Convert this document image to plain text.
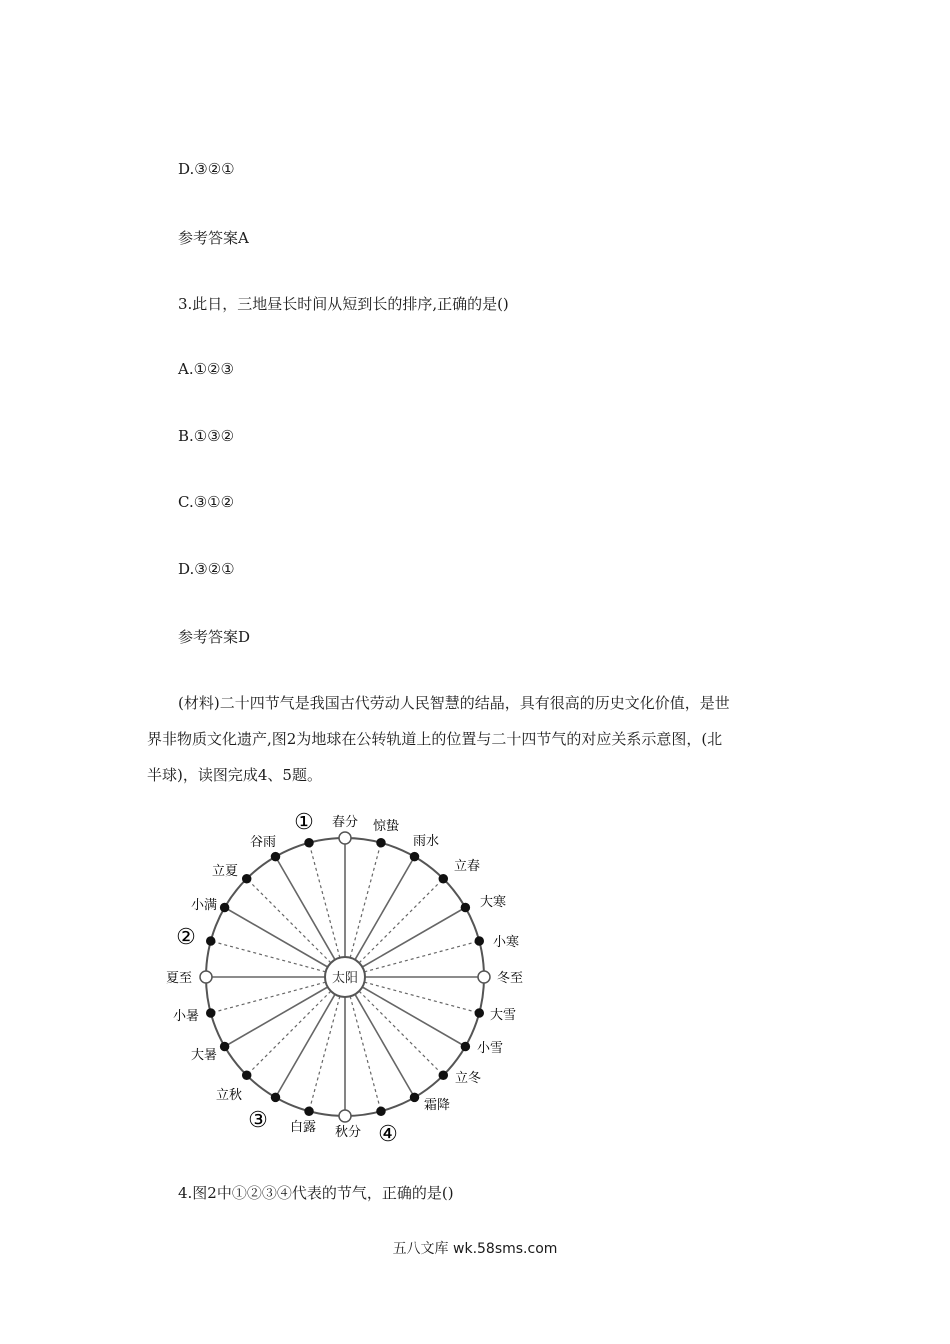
D.③②①
参考答案A
3.此日，三地昼长时间从短到长的排序,正确的是()
A.①②③
B.①③②
C.③①②
D.③②①
参考答案D
(材料)二十四节气是我国古代劳动人民智慧的结晶，具有很高的历史文化价值，是世
界非物质文化遗产,图2为地球在公转轨道上的位置与二十四节气的对应关系示意图，(北
半球)，读图完成4、5题。
太阳
春分 惊蛰
雨水
立春
大寒
小寒
冬至
大雪
小雪
立冬
霜降
秋分
白露
立秋
大暑
小暑
夏至
小满
立夏
谷雨
①
②
③
④
4.图2中①②③④代表的节气，正确的是()
五八文库 wk.58sms.com
